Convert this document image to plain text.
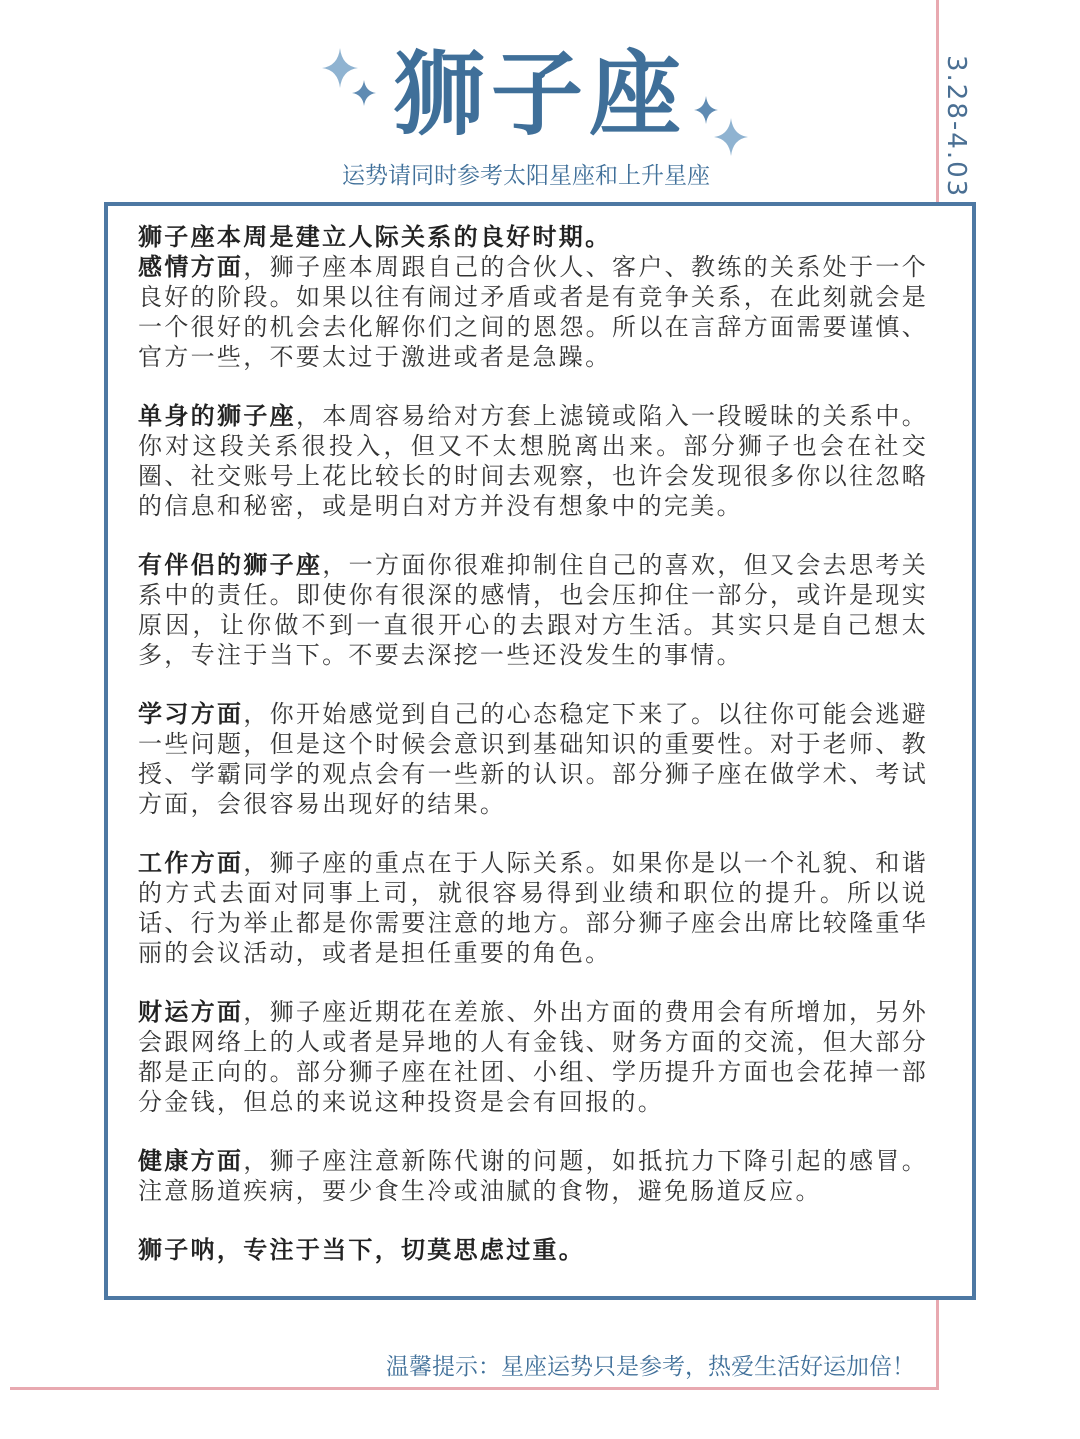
狮子座
运势请同时参考太阳星座和上升星座	3.28-4.03

狮子座本周是建立人际关系的良好时期。

感情方面，狮子座本周跟自己的合伙人、客户、教练的关系处于一个良好的阶段。如果以往有闹过矛盾或者是有竞争关系，在此刻就会是一个很好的机会去化解你们之间的恩怨。所以在言辞方面需要谨慎、官方一些，不要太过于激进或者是急躁。

单身的狮子座，本周容易给对方套上滤镜或陷入一段暧昧的关系中。你对这段关系很投入，但又不太想脱离出来。部分狮子也会在社交圈、社交账号上花比较长的时间去观察，也许会发现很多你以往忽略的信息和秘密，或是明白对方并没有想象中的完美。

有伴侣的狮子座，一方面你很难抑制住自己的喜欢，但又会去思考关系中的责任。即使你有很深的感情，也会压抑住一部分，或许是现实原因，让你做不到一直很开心的去跟对方生活。其实只是自己想太多，专注于当下。不要去深挖一些还没发生的事情。

学习方面，你开始感觉到自己的心态稳定下来了。以往你可能会逃避一些问题，但是这个时候会意识到基础知识的重要性。对于老师、教授、学霸同学的观点会有一些新的认识。部分狮子座在做学术、考试方面，会很容易出现好的结果。

工作方面，狮子座的重点在于人际关系。如果你是以一个礼貌、和谐的方式去面对同事上司，就很容易得到业绩和职位的提升。所以说话、行为举止都是你需要注意的地方。部分狮子座会出席比较隆重华丽的会议活动，或者是担任重要的角色。

财运方面，狮子座近期花在差旅、外出方面的费用会有所增加，另外会跟网络上的人或者是异地的人有金钱、财务方面的交流，但大部分都是正向的。部分狮子座在社团、小组、学历提升方面也会花掉一部分金钱，但总的来说这种投资是会有回报的。

健康方面，狮子座注意新陈代谢的问题，如抵抗力下降引起的感冒。注意肠道疾病，要少食生冷或油腻的食物，避免肠道反应。

狮子呐，专注于当下，切莫思虑过重。

温馨提示：星座运势只是参考，热爱生活好运加倍！
